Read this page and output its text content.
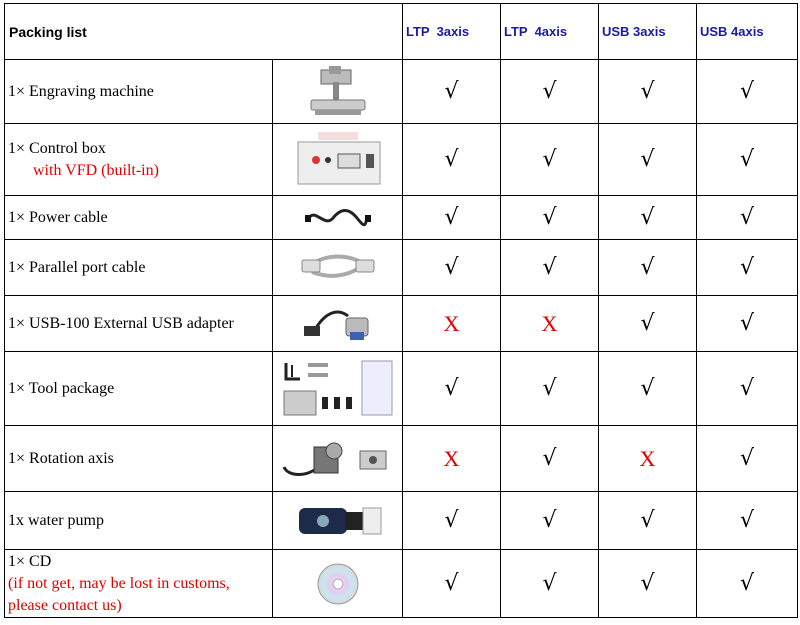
Packing list		LTP  3axis	LTP  4axis	USB 3axis	USB 4axis
1× Engraving machine		√	√	√	√
1× Control box
with VFD (built-in)		√	√	√	√
1× Power cable		√	√	√	√
1× Parallel port cable		√	√	√	√
1× USB-100 External USB adapter		X	X	√	√
1× Tool package		√	√	√	√
1× Rotation axis		X	√	X	√
1x water pump		√	√	√	√
1× CD
(if not get, may be lost in customs,
please contact us)		√	√	√	√
